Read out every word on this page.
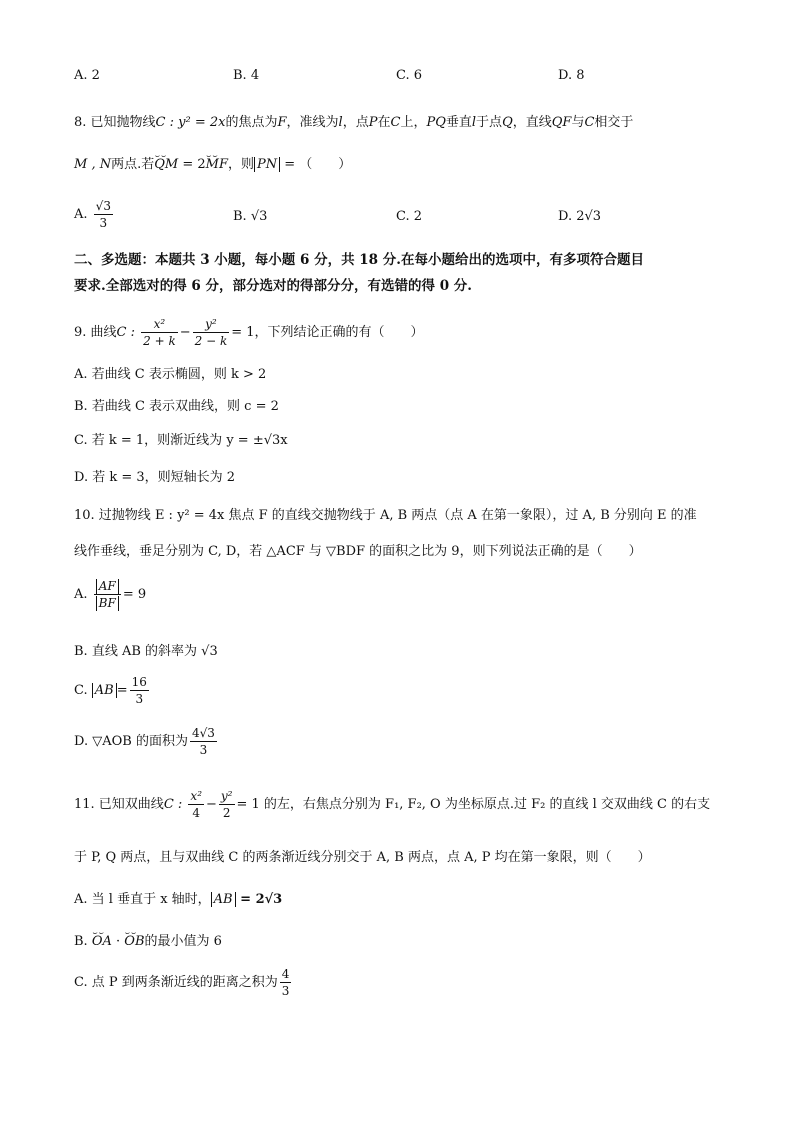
A. 2	B. 4	C. 6	D. 8
8. 已知抛物线C : y² = 2x的焦点为F，准线为l，点P在C上，PQ垂直l于点Q，直线QF与C相交于
M , N两点.若⌣⌣ QM = 2⌣⌣ MF，则 PN = （　　）
A. $\frac{√3}{3}$	B. √3	C. 2	D. 2√3
二、多选题：本题共 3 小题，每小题 6 分，共 18 分.在每小题给出的选项中，有多项符合题目
要求.全部选对的得 6 分，部分选对的得部分分，有选错的得 0 分.
9. 曲线C : $\frac{\text{x²}}{2 + k} - \frac{\text{y²}}{2 - k} = 1$，下列结论正确的有（　　）
A. 若曲线 C 表示椭圆，则 k > 2
B. 若曲线 C 表示双曲线，则 c = 2
C. 若 k = 1，则渐近线为 y = ±√3x
D. 若 k = 3，则短轴长为 2
10. 过抛物线 E : y² = 4x 焦点 F 的直线交抛物线于 A, B 两点（点 A 在第一象限），过 A, B 分别向 E 的准
线作垂线，垂足分别为 C, D，若 △ACF 与 ▽BDF 的面积之比为 9，则下列说法正确的是（　　）
A. $\frac{AF}{BF} = 9$
B. 直线 AB 的斜率为 √3
C. AB = $\frac{16}{3}$
D. ▽AOB 的面积为 $\frac{4√3}{3}$
11. 已知双曲线C : $\frac{\text{x²}}{4} - \frac{\text{y²}}{2} = 1$ 的左，右焦点分别为 F₁, F₂, O 为坐标原点.过 F₂ 的直线 l 交双曲线 C 的右支
于 P, Q 两点，且与双曲线 C 的两条渐近线分别交于 A, B 两点，点 A, P 均在第一象限，则（　　）
A. 当 l 垂直于 x 轴时， AB = 2√3
B. ⌣⌣ OA · ⌣⌣ OB的最小值为 6
C. 点 P 到两条渐近线的距离之积为 $\frac{4}{3}$
